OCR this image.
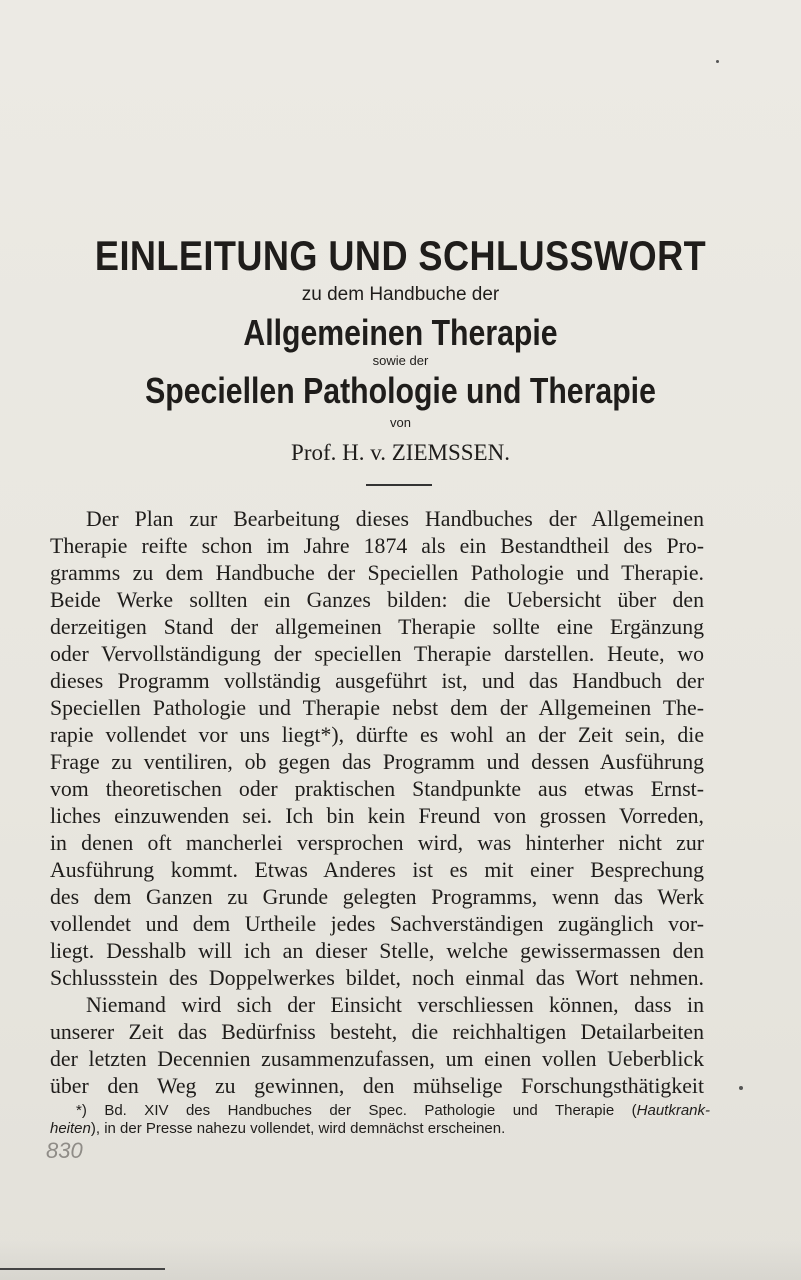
EINLEITUNG UND SCHLUSSWORT
zu dem Handbuche der
Allgemeinen Therapie
sowie der
Speciellen Pathologie und Therapie
von
Prof. H. v. ZIEMSSEN.
Der Plan zur Bearbeitung dieses Handbuches der Allgemeinen
Therapie reifte schon im Jahre 1874 als ein Bestandtheil des Pro-
gramms zu dem Handbuche der Speciellen Pathologie und Therapie.
Beide Werke sollten ein Ganzes bilden: die Uebersicht über den
derzeitigen Stand der allgemeinen Therapie sollte eine Ergänzung
oder Vervollständigung der speciellen Therapie darstellen. Heute, wo
dieses Programm vollständig ausgeführt ist, und das Handbuch der
Speciellen Pathologie und Therapie nebst dem der Allgemeinen The-
rapie vollendet vor uns liegt*), dürfte es wohl an der Zeit sein, die
Frage zu ventiliren, ob gegen das Programm und dessen Ausführung
vom theoretischen oder praktischen Standpunkte aus etwas Ernst-
liches einzuwenden sei. Ich bin kein Freund von grossen Vorreden,
in denen oft mancherlei versprochen wird, was hinterher nicht zur
Ausführung kommt. Etwas Anderes ist es mit einer Besprechung
des dem Ganzen zu Grunde gelegten Programms, wenn das Werk
vollendet und dem Urtheile jedes Sachverständigen zugänglich vor-
liegt. Desshalb will ich an dieser Stelle, welche gewissermassen den
Schlussstein des Doppelwerkes bildet, noch einmal das Wort nehmen.
Niemand wird sich der Einsicht verschliessen können, dass in
unserer Zeit das Bedürfniss besteht, die reichhaltigen Detailarbeiten
der letzten Decennien zusammenzufassen, um einen vollen Ueberblick
über den Weg zu gewinnen, den mühselige Forschungsthätigkeit
*) Bd. XIV des Handbuches der Spec. Pathologie und Therapie (Hautkrank-
heiten), in der Presse nahezu vollendet, wird demnächst erscheinen.
830
